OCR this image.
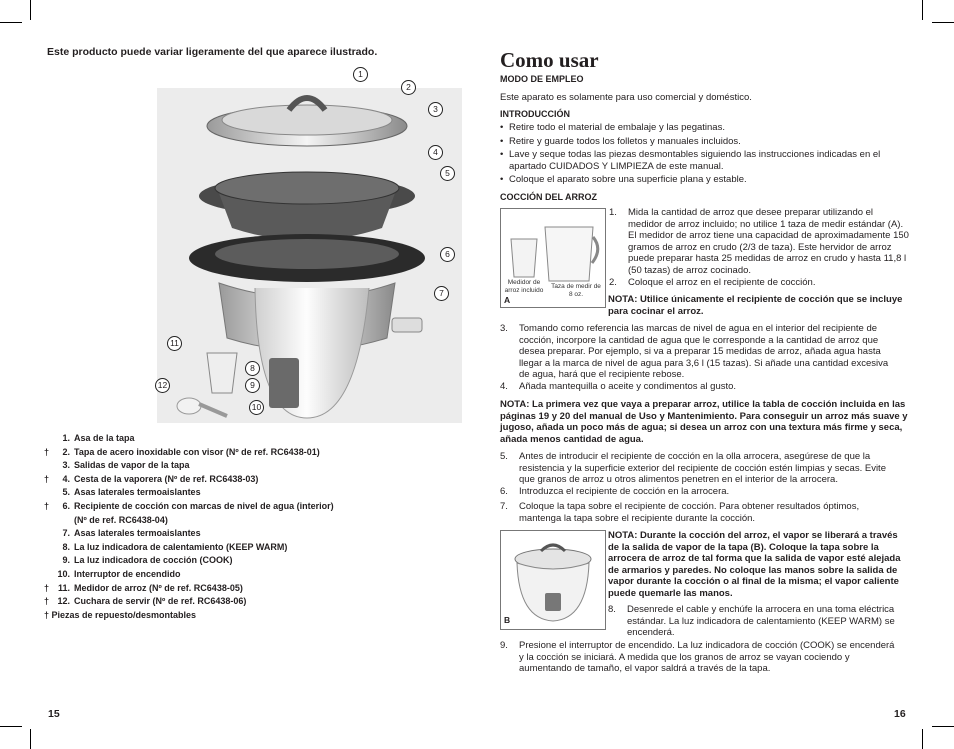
Este producto puede variar ligeramente del que aparece ilustrado.
1
2
3
4
5
6
7
8
9
10
11
12
1. Asa de la tapa
†	2. Tapa de acero inoxidable con visor (Nº de ref. RC6438-01)
3. Salidas de vapor de la tapa
†	4. Cesta de la vaporera (Nº de ref. RC6438-03)
5. Asas laterales termoaislantes
†	6. Recipiente de cocción con marcas de nivel de agua (interior)
(Nº de ref. RC6438-04)
7. Asas laterales termoaislantes
8. La luz indicadora de calentamiento (KEEP WARM)
9. La luz indicadora de cocción (COOK)
10. Interruptor de encendido
† 11. Medidor de arroz (Nº de ref. RC6438-05)
† 12. Cuchara de servir (Nº de ref. RC6438-06)
† Piezas de repuesto/desmontables
15
Como usar
MODO DE EMPLEO
Este aparato es solamente para uso comercial y doméstico.
INTRODUCCIÓN
• Retire todo el material de embalaje y las pegatinas.
• Retire y guarde todos los folletos y manuales incluidos.
• Lave y seque todas las piezas desmontables siguiendo las instrucciones indicadas en el apartado CUIDADOS Y LIMPIEZA de este manual.
• Coloque el aparato sobre una superficie plana y estable.
COCCIÓN DEL ARROZ
Medidor de arroz incluido Taza de medir de 8 oz.
A
1.	Mida la cantidad de arroz que desee preparar utilizando el medidor de arroz incluido; no utilice 1 taza de medir estándar (A). El medidor de arroz tiene una capacidad de aproximadamente 150 gramos de arroz en crudo (2/3 de taza). Este hervidor de arroz puede preparar hasta 25 medidas de arroz en crudo y hasta 11,8 l (50 tazas) de arroz cocinado.
2.	Coloque el arroz en el recipiente de cocción.
NOTA: Utilice únicamente el recipiente de cocción que se incluye para cocinar el arroz.
3.	Tomando como referencia las marcas de nivel de agua en el interior del recipiente de cocción, incorpore la cantidad de agua que le corresponde a la cantidad de arroz que desea preparar. Por ejemplo, si va a preparar 15 medidas de arroz, añada agua hasta llegar a la marca de nivel de agua para 3,6 l (15 tazas). Si añade una cantidad excesiva de agua, hará que el recipiente rebose.
4.	Añada mantequilla o aceite y condimentos al gusto.
NOTA: La primera vez que vaya a preparar arroz, utilice la tabla de cocción incluida en las páginas 19 y 20 del manual de Uso y Mantenimiento. Para conseguir un arroz más suave y jugoso, añada un poco más de agua; si desea un arroz con una textura más firme y seca, añada menos cantidad de agua.
5.	Antes de introducir el recipiente de cocción en la olla arrocera, asegúrese de que la resistencia y la superficie exterior del recipiente de cocción estén limpias y secas. Evite que granos de arroz u otros alimentos penetren en el interior de la arrocera.
6.	Introduzca el recipiente de cocción en la arrocera.
7.	Coloque la tapa sobre el recipiente de cocción. Para obtener resultados óptimos, mantenga la tapa sobre el recipiente durante la cocción.
B
NOTA: Durante la cocción del arroz, el vapor se liberará a través de la salida de vapor de la tapa (B). Coloque la tapa sobre la arrocera de arroz de tal forma que la salida de vapor esté alejada de armarios y paredes. No coloque las manos sobre la salida de vapor durante la cocción o al final de la misma; el vapor caliente puede quemarle las manos.
8.	Desenrede el cable y enchúfe la arrocera en una toma eléctrica estándar. La luz indicadora de calentamiento (KEEP WARM) se encenderá.
9.	Presione el interruptor de encendido. La luz indicadora de cocción (COOK) se encenderá y la cocción se iniciará. A medida que los granos de arroz se vayan cociendo y aumentando de tamaño, el vapor saldrá a través de la tapa.
16
